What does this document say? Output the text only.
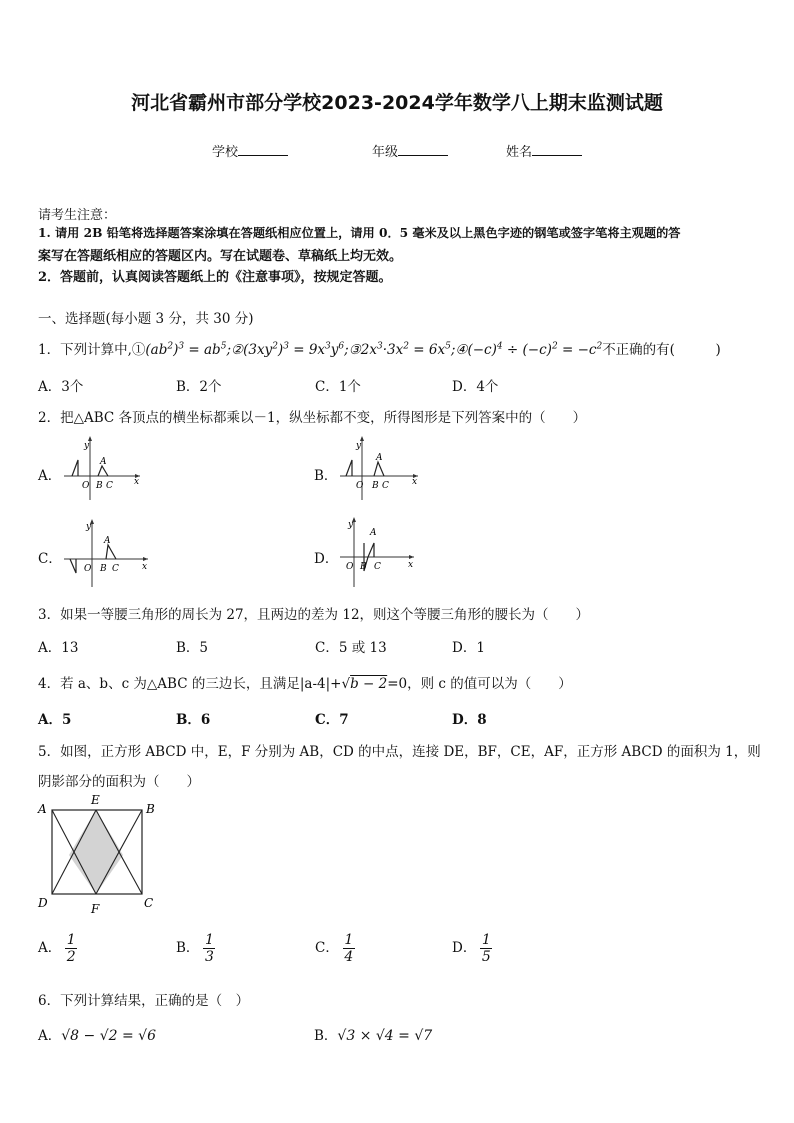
河北省霸州市部分学校2023-2024学年数学八上期末监测试题
学校	年级	姓名
请考生注意：
1. 请用 2B 铅笔将选择题答案涂填在答题纸相应位置上，请用 0．5 毫米及以上黑色字迹的钢笔或签字笔将主观题的答
案写在答题纸相应的答题区内。写在试题卷、草稿纸上均无效。
2．答题前，认真阅读答题纸上的《注意事项》，按规定答题。
一、选择题(每小题 3 分，共 30 分)
1．下列计算中$,①(ab^2)^3$ = $ab^5;②(3xy^2)^3$ = $9x^3y^6;③2x^3\cdot 3x^2$ = $6x^5;④(-c)^4 \div (-c)^2 = -c^2$不正确的有(　　　)
A．3个	B．2个	C．1个	D．4个
2．把△ABC 各顶点的横坐标都乘以－1，纵坐标都不变，所得图形是下列答案中的（　　）
A．
y
x
A
O B C
B．
y
x
A
O B C
C．
y
x
A
O B C
D．
y
x
A
O B C
3．如果一等腰三角形的周长为 27，且两边的差为 12，则这个等腰三角形的腰长为（　　）
A．13	B．5	C．5 或 13	D．1
4．若 a、b、c 为△ABC 的三边长，且满足|a-4|+√b − 2=0，则 c 的值可以为（　　）
A．5	B．6	C．7	D．8
5．如图，正方形 ABCD 中，E，F 分别为 AB，CD 的中点，连接 DE，BF，CE，AF，正方形 ABCD 的面积为 1，则
阴影部分的面积为（　　）
A	B
C
D
E
F
A． $\frac{1}{2}$	B． $\frac{1}{3}$	C． $\frac{1}{4}$	D． $\frac{1}{5}$
6．下列计算结果，正确的是（　）
A．√8 − √2 = √6	B．√3 × √4 = √7
